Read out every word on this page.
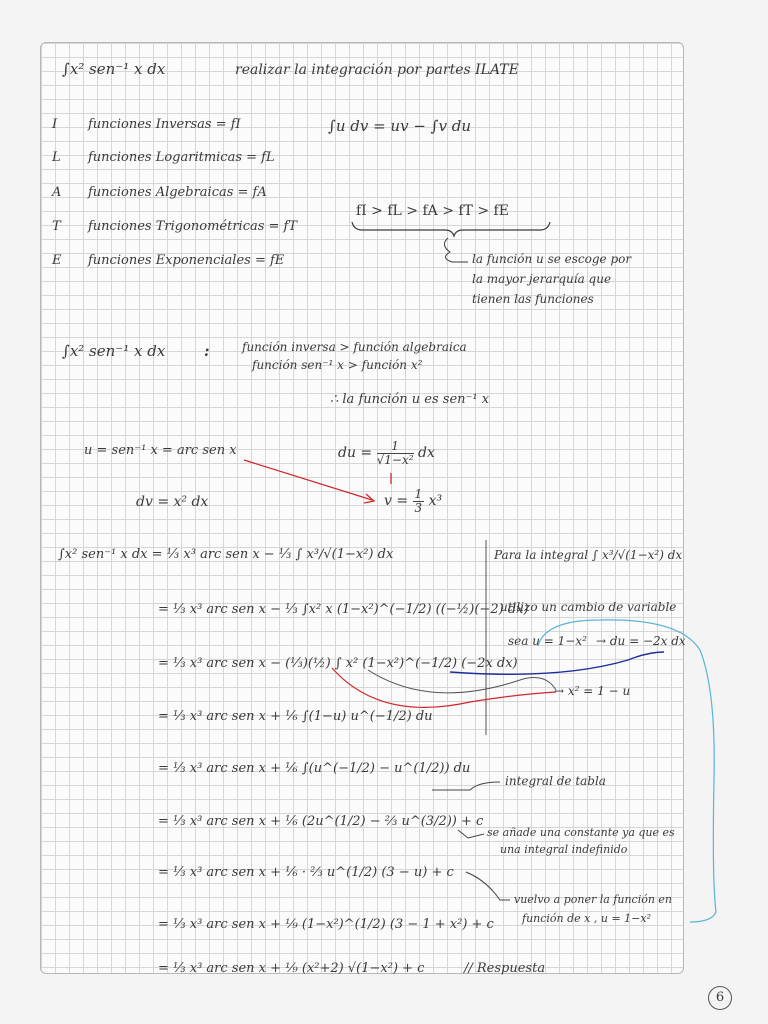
∫x² sen⁻¹ x dx	realizar la integración por partes ILATE
I funciones Inversas = fI
L funciones Logaritmicas = fL
A funciones Algebraicas = fA
T funciones Trigonométricas = fT
E funciones Exponenciales = fE
∫u dv = uv − ∫v du
fI > fL > fA > fT > fE
la función u se escoge por
la mayor jerarquía que
tienen las funciones
∫x² sen⁻¹ x dx	:	función inversa > función algebraica
función sen⁻¹ x > función x²
∴ la función u es sen⁻¹ x
u = sen⁻¹ x = arc sen x	du = $\frac{1}{\text{√1−x²}}$ dx
dv = x² dx	$v = \frac{1}{3} x^3$
∫x² sen⁻¹ x dx = ⅓ x³ arc sen x − ⅓ ∫ x³/√(1−x²) dx
= ⅓ x³ arc sen x − ⅓ ∫x² x (1−x²)^(−1/2) ((−½)(−2) dx)
= ⅓ x³ arc sen x − (⅓)(½) ∫ x² (1−x²)^(−1/2) (−2x dx)
= ⅓ x³ arc sen x + ⅙ ∫(1−u) u^(−1/2) du
= ⅓ x³ arc sen x + ⅙ ∫(u^(−1/2) − u^(1/2)) du
= ⅓ x³ arc sen x + ⅙ (2u^(1/2) − ⅔ u^(3/2)) + c
= ⅓ x³ arc sen x + ⅙ · ⅔ u^(1/2) (3 − u) + c
= ⅓ x³ arc sen x + ⅑ (1−x²)^(1/2) (3 − 1 + x²) + c
= ⅓ x³ arc sen x + ⅑ (x²+2) √(1−x²) + c
Para la integral ∫ x³/√(1−x²) dx
utilizo un cambio de variable
sea u = 1−x² → du = −2x dx
→ x² = 1 − u
integral de tabla
se añade una constante ya que es
una integral indefinido
vuelvo a poner la función en
función de x , u = 1−x²
// Respuesta
6
